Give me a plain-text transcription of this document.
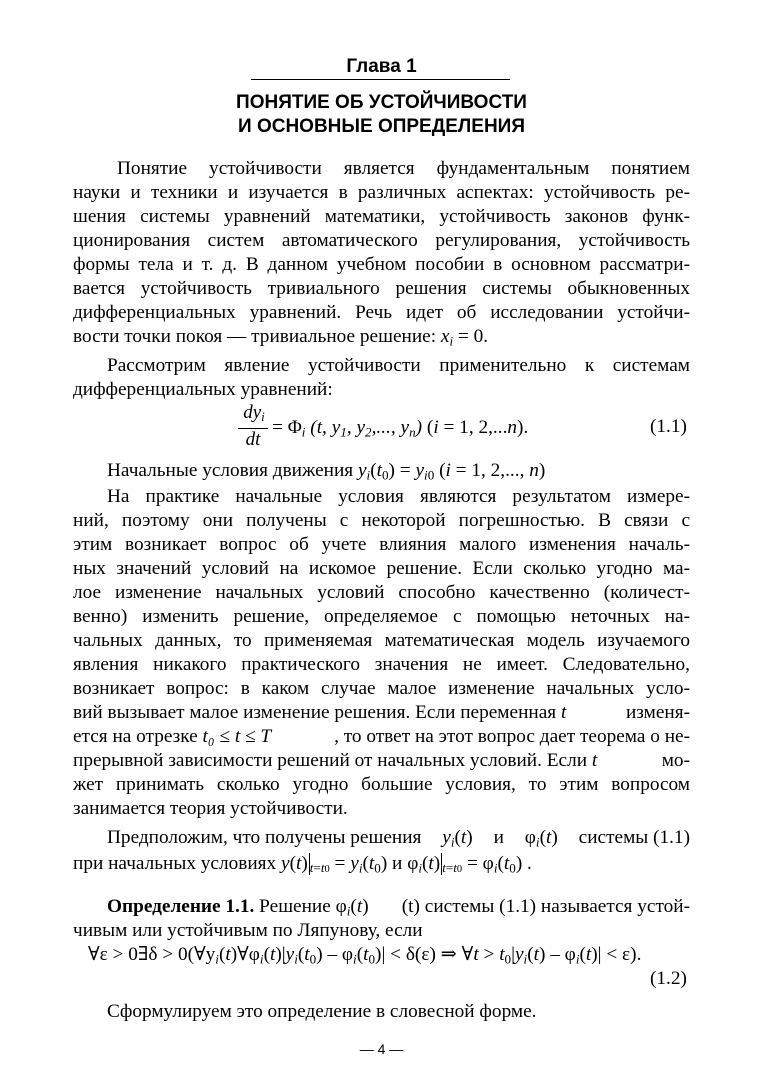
Глава 1
ПОНЯТИЕ ОБ УСТОЙЧИВОСТИ
И ОСНОВНЫЕ ОПРЕДЕЛЕНИЯ
Понятие устойчивости является фундаментальным понятием
науки и техники и изучается в различных аспектах: устойчивость ре-
шения системы уравнений математики, устойчивость законов функ-
ционирования систем автоматического регулирования, устойчивость
формы тела и т. д. В данном учебном пособии в основном рассматри-
вается устойчивость тривиального решения системы обыкновенных
дифференциальных уравнений. Речь идет об исследовании устойчи-
вости точки покоя — тривиальное решение: $x_i = 0$.
Рассмотрим явление устойчивости применительно к системам
дифференциальных уравнений:
$dy_i$
dt
= $\Phi_i$ (t, $y_1$, $y_2$,..., $y_n$) (i = 1, 2,...n).	(1.1)
Начальные условия движения $y_i(t_0) = y_{i0}$ (i = 1, 2,..., n)
На практике начальные условия являются результатом измере-
ний, поэтому они получены с некоторой погрешностью. В связи с
этим возникает вопрос об учете влияния малого изменения началь-
ных значений условий на искомое решение. Если сколько угодно ма-
лое изменение начальных условий способно качественно (количест-
венно) изменить решение, определяемое с помощью неточных на-
чальных данных, то применяемая математическая модель изучаемого
явления никакого практического значения не имеет. Следовательно,
возникает вопрос: в каком случае малое изменение начальных усло-
вий вызывает малое изменение решения. Если переменная t	изменя-
ется на отрезке t₀ ≤ t ≤ T	, то ответ на этот вопрос дает теорема о не-
прерывной зависимости решений от начальных условий. Если t	мо-
жет принимать сколько угодно большие условия, то этим вопросом
занимается теория устойчивости.
Предположим, что получены решения $y_i(t)$ и $\varphi_i(t)$ системы (1.1)
при начальных условиях y(t) $_{t=t0} = y_i(t_0)$ и $\varphi_i(t) _{t=t0} = \varphi_i(t_0)$ .
Определение 1.1. Решение $\varphi_i(t)$ (t) системы (1.1) называется устой-
чивым или устойчивым по Ляпунову, если
∀ε > 0∃δ > $0(\forall y_i(t)\forall\varphi_i(t)|y_i(t_0) - \varphi_i(t_0)| < \delta(\varepsilon)$ ⇒ ∀t > $t_0|y_i(t) - \varphi_i(t)| < \varepsilon$).
(1.2)
Сформулируем это определение в словесной форме.
— 4 —
